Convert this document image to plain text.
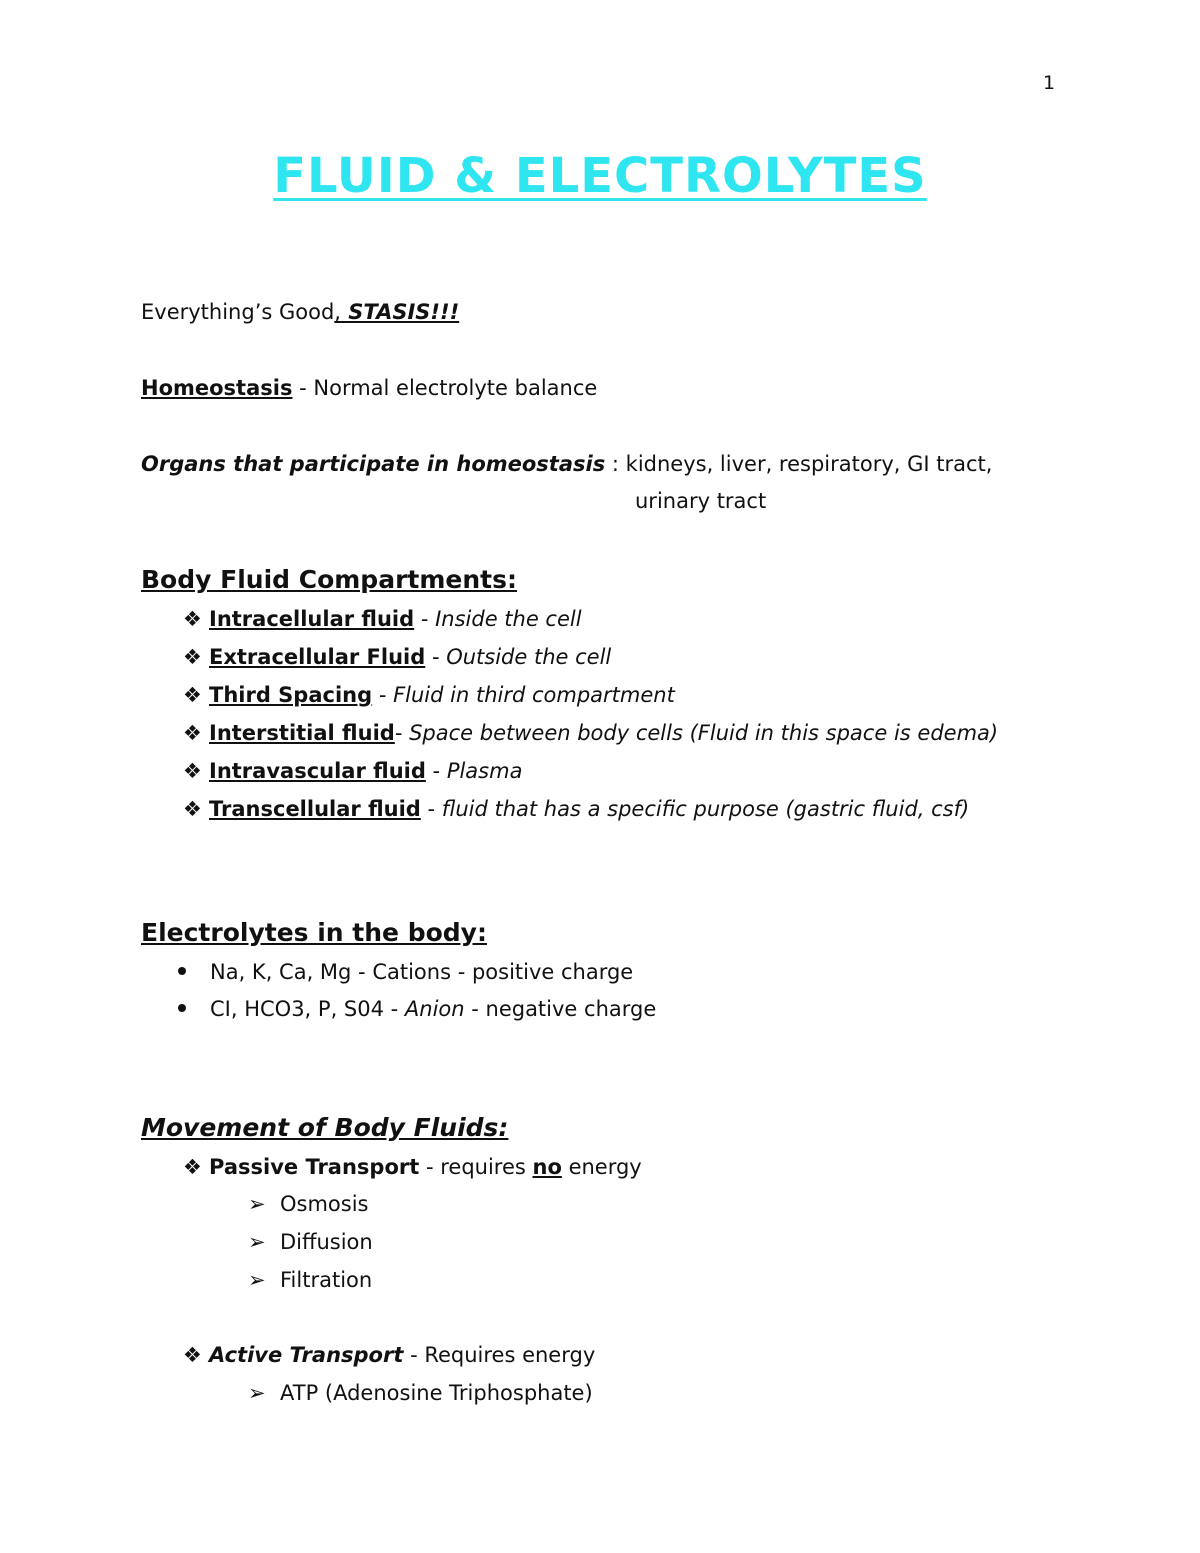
1
FLUID & ELECTROLYTES
Everything’s Good, STASIS!!!
Homeostasis - Normal electrolyte balance
Organs that participate in homeostasis : kidneys, liver, respiratory, GI tract,
urinary tract
Body Fluid Compartments:
❖ Intracellular fluid - Inside the cell
❖ Extracellular Fluid - Outside the cell
❖ Third Spacing - Fluid in third compartment
❖ Interstitial fluid- Space between body cells (Fluid in this space is edema)
❖ Intravascular fluid - Plasma
❖ Transcellular fluid - fluid that has a specific purpose (gastric fluid, csf)
Electrolytes in the body:
Na, K, Ca, Mg - Cations - positive charge
CI, HCO3, P, S04 - Anion - negative charge
Movement of Body Fluids:
❖ Passive Transport - requires no energy
➢ Osmosis
➢ Diffusion
➢ Filtration
❖ Active Transport - Requires energy
➢ ATP (Adenosine Triphosphate)
